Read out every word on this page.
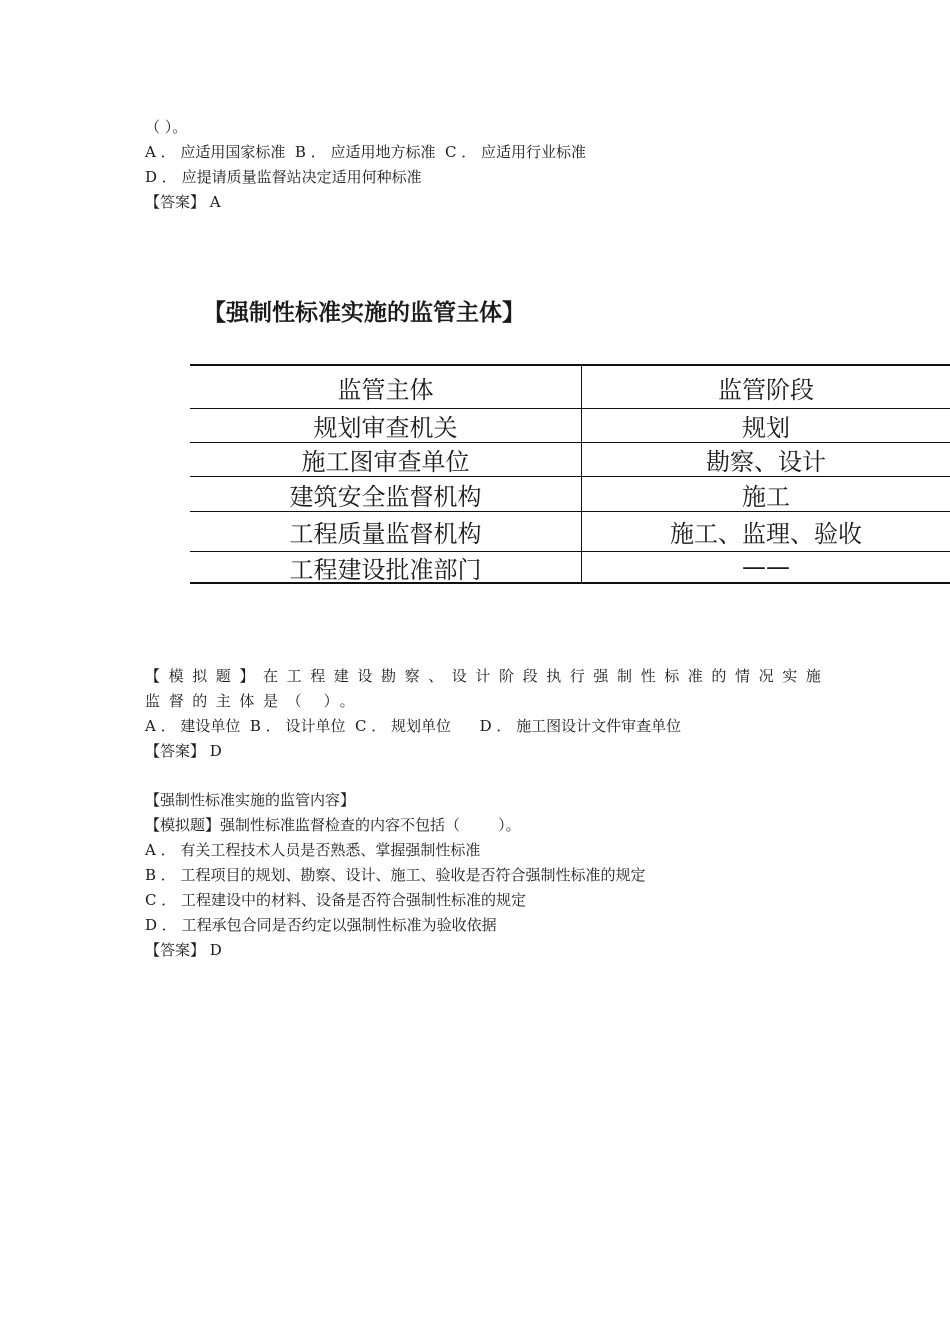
（ ）。
A ． 应适用国家标准  B ． 应适用地方标准  C ． 应适用行业标准
D ． 应提请质量监督站决定适用何种标准
【答案】 A
【强制性标准实施的监管主体】
监管主体	监管阶段
规划审查机关	规划
施工图审查单位	勘察、设计
建筑安全监督机构	施工
工程质量监督机构	施工、监理、验收
工程建设批准部门	——
【模拟题】在工程建设勘察、设计阶段执行强制性标准的情况实施
监督的主体是（ ）。
A ． 建设单位  B ． 设计单位  C ． 规划单位      D ． 施工图设计文件审查单位
【答案】 D
【强制性标准实施的监管内容】
【模拟题】强制性标准监督检查的内容不包括（        ）。
A ． 有关工程技术人员是否熟悉、掌握强制性标准
B ． 工程项目的规划、勘察、设计、施工、验收是否符合强制性标准的规定
C ． 工程建设中的材料、设备是否符合强制性标准的规定
D ． 工程承包合同是否约定以强制性标准为验收依据
【答案】 D
